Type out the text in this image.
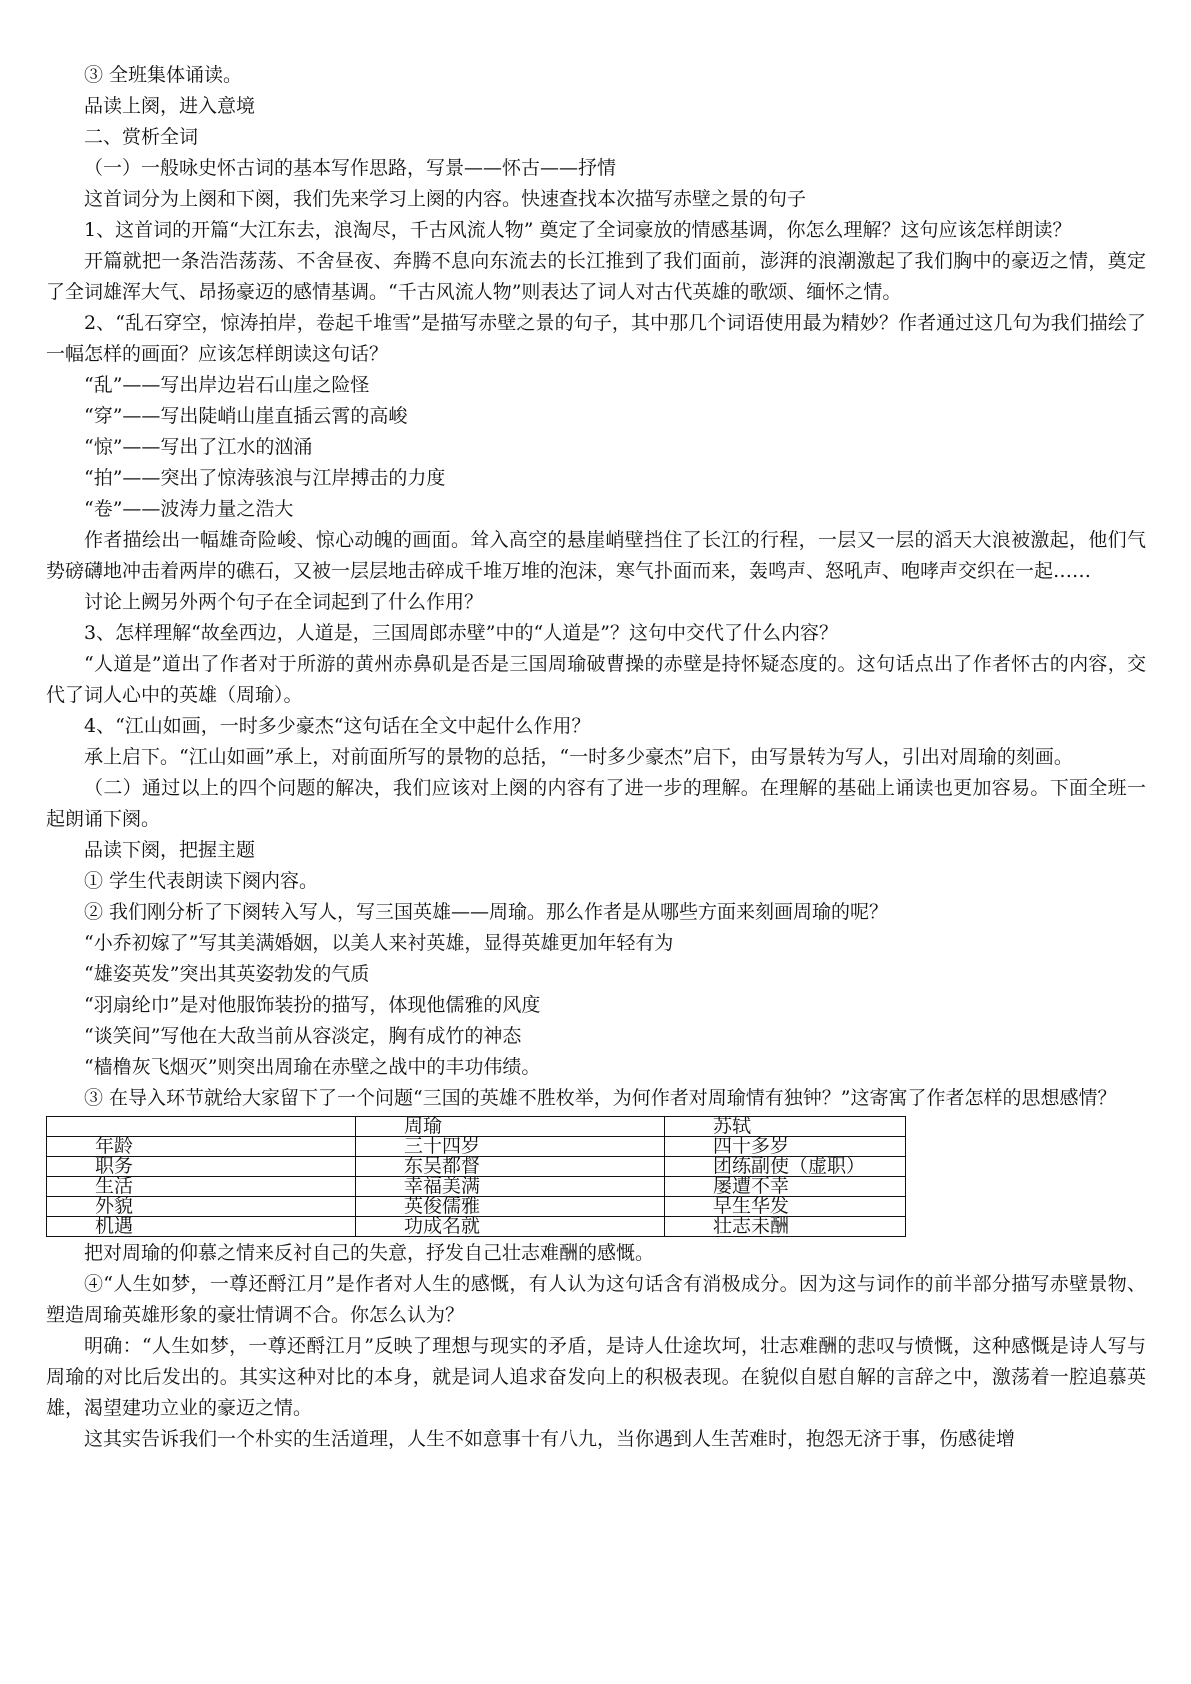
③ 全班集体诵读。

品读上阕，进入意境

二、赏析全词

（一）一般咏史怀古词的基本写作思路，写景——怀古——抒情

这首词分为上阕和下阕，我们先来学习上阕的内容。快速查找本次描写赤壁之景的句子

1、这首词的开篇“大江东去，浪淘尽，千古风流人物” 奠定了全词豪放的情感基调，你怎么理解？这句应该怎样朗读？

开篇就把一条浩浩荡荡、不舍昼夜、奔腾不息向东流去的长江推到了我们面前，澎湃的浪潮激起了我们胸中的豪迈之情，奠定了全词雄浑大气、昂扬豪迈的感情基调。“千古风流人物”则表达了词人对古代英雄的歌颂、缅怀之情。

2、“乱石穿空，惊涛拍岸，卷起千堆雪”是描写赤壁之景的句子，其中那几个词语使用最为精妙？作者通过这几句为我们描绘了一幅怎样的画面？应该怎样朗读这句话？

“乱”——写出岸边岩石山崖之险怪

“穿”——写出陡峭山崖直插云霄的高峻

“惊”——写出了江水的汹涌

“拍”——突出了惊涛骇浪与江岸搏击的力度

“卷”——波涛力量之浩大

作者描绘出一幅雄奇险峻、惊心动魄的画面。耸入高空的悬崖峭壁挡住了长江的行程，一层又一层的滔天大浪被激起，他们气势磅礴地冲击着两岸的礁石，又被一层层地击碎成千堆万堆的泡沫，寒气扑面而来，轰鸣声、怒吼声、咆哮声交织在一起……

讨论上阙另外两个句子在全词起到了什么作用？

3、怎样理解“故垒西边，人道是，三国周郎赤壁”中的“人道是”？这句中交代了什么内容？

“人道是”道出了作者对于所游的黄州赤鼻矶是否是三国周瑜破曹操的赤壁是持怀疑态度的。这句话点出了作者怀古的内容，交代了词人心中的英雄（周瑜）。

4、“江山如画，一时多少豪杰“这句话在全文中起什么作用？

承上启下。“江山如画”承上，对前面所写的景物的总括，“一时多少豪杰”启下，由写景转为写人，引出对周瑜的刻画。

（二）通过以上的四个问题的解决，我们应该对上阕的内容有了进一步的理解。在理解的基础上诵读也更加容易。下面全班一起朗诵下阕。

品读下阕，把握主题

① 学生代表朗读下阕内容。

② 我们刚分析了下阕转入写人，写三国英雄——周瑜。那么作者是从哪些方面来刻画周瑜的呢？

“小乔初嫁了”写其美满婚姻，以美人来衬英雄，显得英雄更加年轻有为

“雄姿英发”突出其英姿勃发的气质

“羽扇纶巾”是对他服饰装扮的描写，体现他儒雅的风度

“谈笑间”写他在大敌当前从容淡定，胸有成竹的神态

“樯橹灰飞烟灭”则突出周瑜在赤壁之战中的丰功伟绩。

③ 在导入环节就给大家留下了一个问题“三国的英雄不胜枚举，为何作者对周瑜情有独钟？”这寄寓了作者怎样的思想感情？

	周瑜	苏轼
年龄	三十四岁	四十多岁
职务	东吴都督	团练副使（虚职）
生活	幸福美满	屡遭不幸
外貌	英俊儒雅	早生华发
机遇	功成名就	壮志未酬

把对周瑜的仰慕之情来反衬自己的失意，抒发自己壮志难酬的感慨。

④“人生如梦，一尊还酹江月”是作者对人生的感慨，有人认为这句话含有消极成分。因为这与词作的前半部分描写赤壁景物、塑造周瑜英雄形象的豪壮情调不合。你怎么认为？

明确：“人生如梦，一尊还酹江月”反映了理想与现实的矛盾，是诗人仕途坎坷，壮志难酬的悲叹与愤慨，这种感慨是诗人写与周瑜的对比后发出的。其实这种对比的本身，就是词人追求奋发向上的积极表现。在貌似自慰自解的言辞之中，激荡着一腔追慕英雄，渴望建功立业的豪迈之情。

这其实告诉我们一个朴实的生活道理，人生不如意事十有八九，当你遇到人生苦难时，抱怨无济于事，伤感徒增
